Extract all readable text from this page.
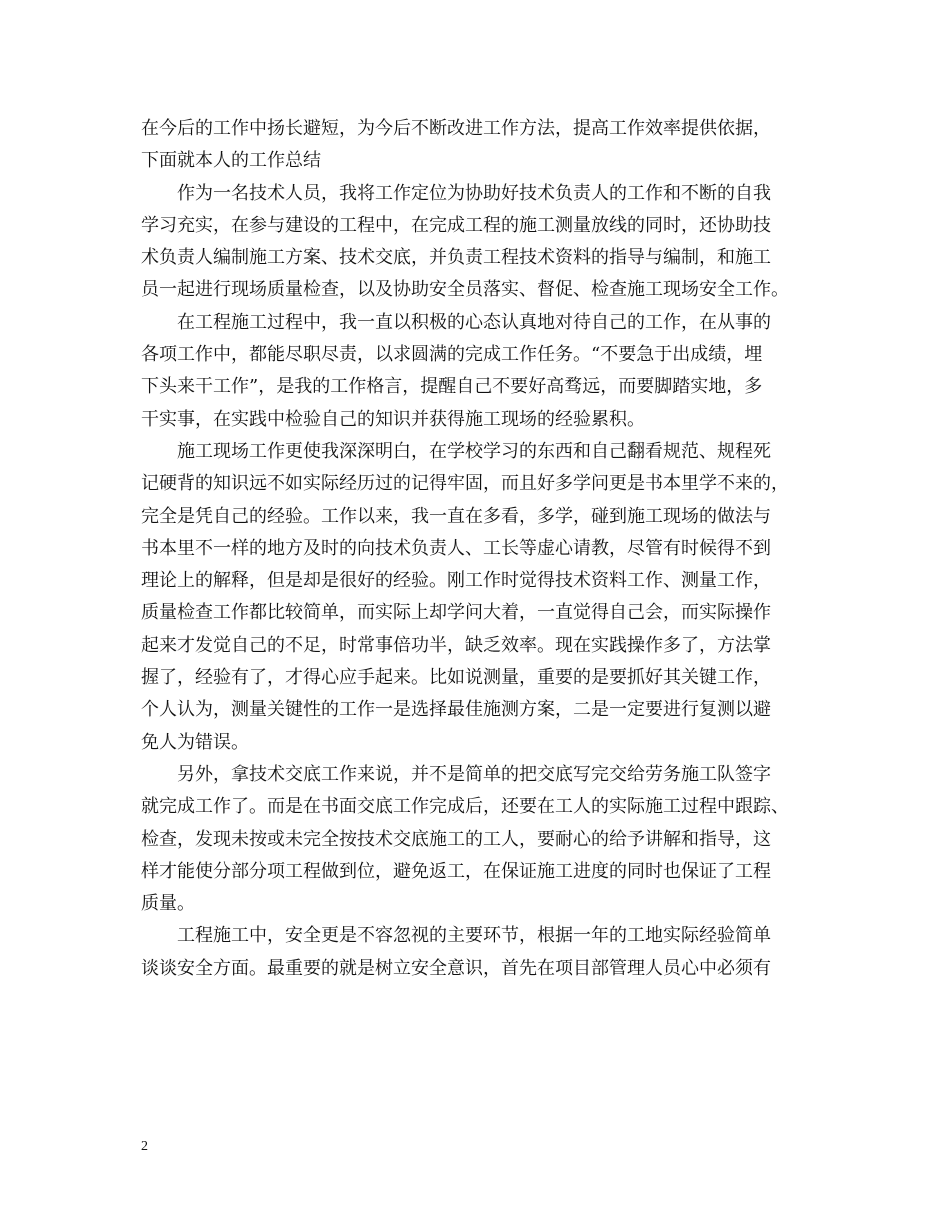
在今后的工作中扬长避短，为今后不断改进工作方法，提高工作效率提供依据，
下面就本人的工作总结
作为一名技术人员，我将工作定位为协助好技术负责人的工作和不断的自我
学习充实，在参与建设的工程中，在完成工程的施工测量放线的同时，还协助技
术负责人编制施工方案、技术交底，并负责工程技术资料的指导与编制，和施工
员一起进行现场质量检查，以及协助安全员落实、督促、检查施工现场安全工作。
在工程施工过程中，我一直以积极的心态认真地对待自己的工作，在从事的
各项工作中，都能尽职尽责，以求圆满的完成工作任务。“不要急于出成绩，埋
下头来干工作”，是我的工作格言，提醒自己不要好高骛远，而要脚踏实地，多
干实事，在实践中检验自己的知识并获得施工现场的经验累积。
施工现场工作更使我深深明白，在学校学习的东西和自己翻看规范、规程死
记硬背的知识远不如实际经历过的记得牢固，而且好多学问更是书本里学不来的，
完全是凭自己的经验。工作以来，我一直在多看，多学，碰到施工现场的做法与
书本里不一样的地方及时的向技术负责人、工长等虚心请教，尽管有时候得不到
理论上的解释，但是却是很好的经验。刚工作时觉得技术资料工作、测量工作，
质量检查工作都比较简单，而实际上却学问大着，一直觉得自己会，而实际操作
起来才发觉自己的不足，时常事倍功半，缺乏效率。现在实践操作多了，方法掌
握了，经验有了，才得心应手起来。比如说测量，重要的是要抓好其关键工作，
个人认为，测量关键性的工作一是选择最佳施测方案，二是一定要进行复测以避
免人为错误。
另外，拿技术交底工作来说，并不是简单的把交底写完交给劳务施工队签字
就完成工作了。而是在书面交底工作完成后，还要在工人的实际施工过程中跟踪、
检查，发现未按或未完全按技术交底施工的工人，要耐心的给予讲解和指导，这
样才能使分部分项工程做到位，避免返工，在保证施工进度的同时也保证了工程
质量。
工程施工中，安全更是不容忽视的主要环节，根据一年的工地实际经验简单
谈谈安全方面。最重要的就是树立安全意识，首先在项目部管理人员心中必须有
2
